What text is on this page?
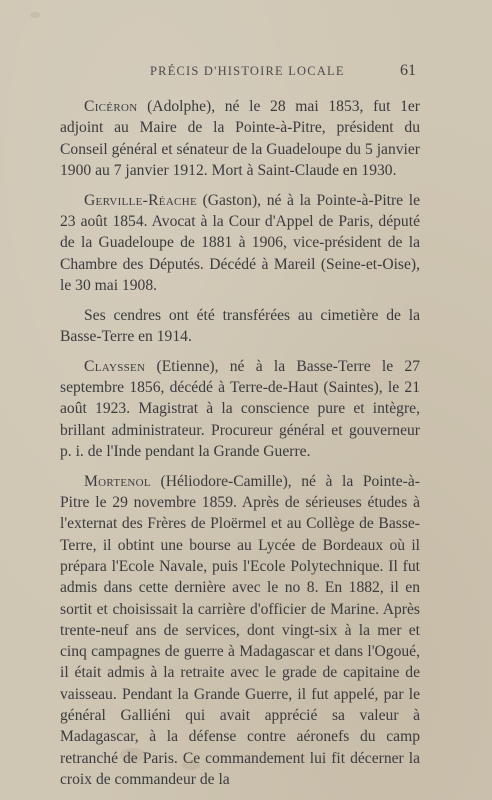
PRÉCIS D'HISTOIRE LOCALE	61

Cicéron (Adolphe), né le 28 mai 1853, fut 1er adjoint au Maire de la Pointe-à-Pitre, président du Conseil général et sénateur de la Guadeloupe du 5 janvier 1900 au 7 janvier 1912. Mort à Saint-Claude en 1930.

Gerville-Réache (Gaston), né à la Pointe-à-Pitre le 23 août 1854. Avocat à la Cour d'Appel de Paris, député de la Guadeloupe de 1881 à 1906, vice-président de la Chambre des Députés. Décédé à Mareil (Seine-et-Oise), le 30 mai 1908.

Ses cendres ont été transférées au cimetière de la Basse-Terre en 1914.

Clayssen (Etienne), né à la Basse-Terre le 27 septembre 1856, décédé à Terre-de-Haut (Saintes), le 21 août 1923. Magistrat à la conscience pure et intègre, brillant administrateur. Procureur général et gouverneur p. i. de l'Inde pendant la Grande Guerre.

Mortenol (Héliodore-Camille), né à la Pointe-à-Pitre le 29 novembre 1859. Après de sérieuses études à l'externat des Frères de Ploërmel et au Collège de Basse-Terre, il obtint une bourse au Lycée de Bordeaux où il prépara l'Ecole Navale, puis l'Ecole Polytechnique. Il fut admis dans cette dernière avec le no 8. En 1882, il en sortit et choisissait la carrière d'officier de Marine. Après trente-neuf ans de services, dont vingt-six à la mer et cinq campagnes de guerre à Madagascar et dans l'Ogoué, il était admis à la retraite avec le grade de capitaine de vaisseau. Pendant la Grande Guerre, il fut appelé, par le général Galliéni qui avait apprécié sa valeur à Madagascar, à la défense contre aéronefs du camp retranché de Paris. Ce commandement lui fit décerner la croix de commandeur de la
